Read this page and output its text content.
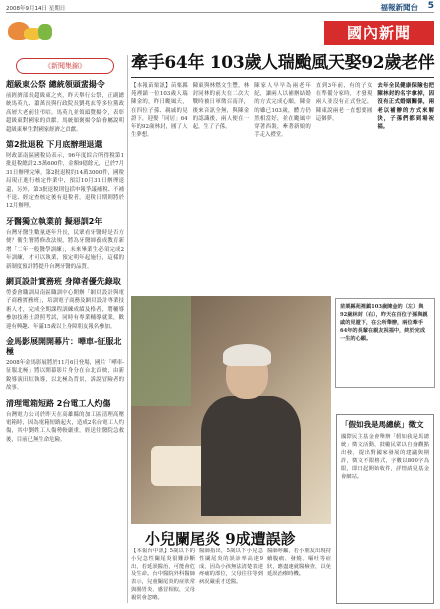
2008年9月14日 星期日	福報新聞台 5
國內新聞
《新聞集錦》
超級東公祭 總統領頭蜚揚令

前經濟部長超級東之夾，昨天舉行公祭，正副總統馬英九、蕭萬長與行政院長劉兆玄等多位黨政高層大老前往弔唁。馬英九並領頭覽揚令，表彰超級東對國家的貢獻。馬統頒褒揚令給眷屬說明超級東畢生對國家經濟之貢獻。

第2批退稅 下月底辦理退還

財政部南區國稅局表示，96年度綜合所得稅第1批退稅總計2.5萬600件，金額9億餘元，已於7月31日辦理完畢。第2批退稅約14萬3000件，國稅局現正進行核定作業中，預訂10月31日辦理退還，另外，第3批退稅則包括申報爭議補稅、不補不退、經定查核定後有退稅者，退稅日期則將於12月辦理。

牙醫獨立執業前 擬惡訓2年

台灣牙醫生數量逐年升長，民眾看牙醫時是否方便？衛生署將修改法規，將為牙醫師養成教育新增「二年一般醫學訓練」，未來畢業生必須完成2年訓練，才可以執業，預定明年起施行，這樣的新制度預計將提升台灣牙醫的品質。

網頁設計實務班 身障者優先錄取

勞委會職訓局南區職訓中心開辦「網頁設計與電子商務實務班」，培訓電子商務及網頁設計專業技術人才，完成全期課程訓練成績及格者，將輔導參加技術士證照考試，同時有專業輔導就業，歡迎有興趣、年滿15歲以上身障朋友報名參加。

金馬影展開開幕片：嘩車-征服北極

2008年金馬影展將於11月6日登場，國片「嘩車-征服北極」將以開幕影片身分在台北首映，由新銳導演田紅執導，以北極為背景，訴說冒險者的故事。

清理電箱短路 2台電工人灼傷

台灣電力公司於昨天在高雄縣的加工區清理高壓電箱時，因為電箱短路起火，造成2名台電工人灼傷，其中劉姓工人傷勢較嚴重，經送往醫院急救後，目前已無生命危險。

牽手64年 103歲人瑞颱風天娶92歲老伴
【本報苗栗訊】苗栗縣苑裡鎮一位103歲人瑞陳金的，昨日颱風天，在四位子孫、親戚的見證下，迎娶「同居」64年的92歲林封，圓了人生夢想。
陳東與林燃文生豐，林封同林的前夫在二次大戰時被日軍徵召南洋，後來音訊全無，與陳金的認識後，兩人便在一起，生了子孫。
陳家人早早為兩老年紀，讓兩人以補辦結婚的方式完成心願，陳金的雖已103歲，體力仍然相當好，並在颱風中穿著西裝，牽著新娘的手走入禮堂。
直到3年前，有的子女在準備分家時，才發現兩人並沒有正式登記，陳東說兩老一直想要圓這個夢。
去年全民健康保險也把陳林封的名字拿掉，因沒有正式婚姻關係，兩老以補辦的方式來解決，子孫們都到場祝福。
苗栗縣苑裡鎮103歲陳金的（左）與92歲林封（右），昨天在百位子孫與親戚的見證下，在公所舉辦，兩位牽手64年的長輩在親友祝福中，終於完成一生的心願。
小兒闌尾炎 9成遭誤診
【本報台中訊】5歲以下的小兒急性闌尾炎很難診斷出，若延誤醫治，可能會危及生命。台中醫院外科醫師表示，兒童闌尾炎的症狀常與腸胃炎、感冒相似，父母親常會忽略。
醫師指出，5歲以下小兒急性闌尾炎的誤診率高達9成，因為小孩無法清楚表達疼痛的部位，父母往往等到病況嚴重才送醫。
醫師呼籲，若小朋友出現持續腹痛、發燒、嘔吐等症狀，應盡速就醫檢查，以免延誤治療時機。
「假如我是馬總統」徵文

國際民主基金會舉辦「假如我是馬總統」徵文活動，鼓勵民眾以自身觀點出發，提出對國家發展的建議與期許，徵文不限格式，字數以800字為限，即日起開始收件，詳情請見基金會網站。
